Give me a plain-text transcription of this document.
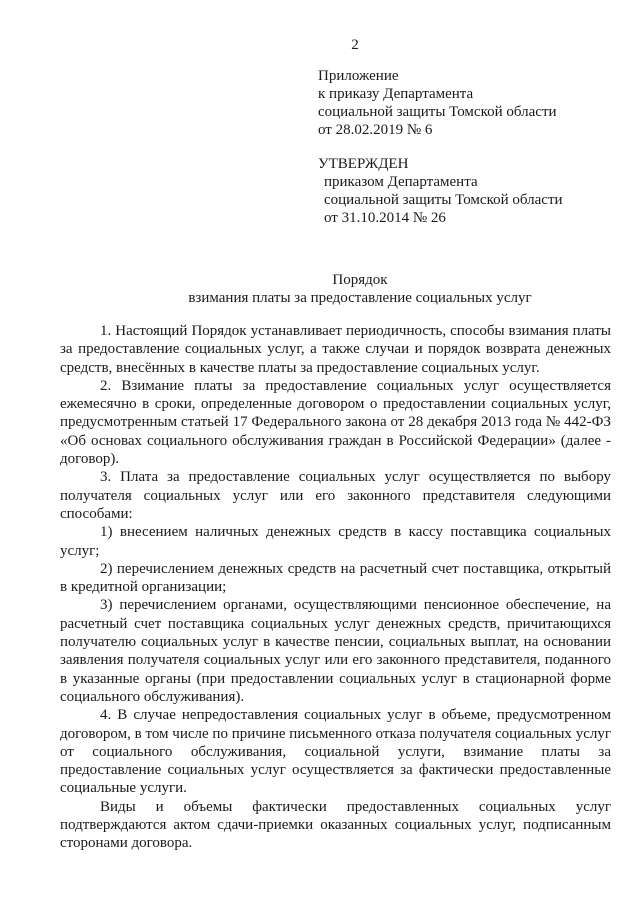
2
Приложение
к приказу Департамента
социальной защиты Томской области
от 28.02.2019 № 6
УТВЕРЖДЕН
приказом Департамента
социальной защиты Томской области
от 31.10.2014 № 26
Порядок
взимания платы за предоставление социальных услуг

1. Настоящий Порядок устанавливает периодичность, способы взимания платы за предоставление социальных услуг, а также случаи и порядок возврата денежных средств, внесённых в качестве платы за предоставление социальных услуг.

2. Взимание платы за предоставление социальных услуг осуществляется ежемесячно в сроки, определенные договором о предоставлении социальных услуг, предусмотренным статьей 17 Федерального закона от 28 декабря 2013 года № 442-ФЗ «Об основах социального обслуживания граждан в Российской Федерации» (далее - договор).

3. Плата за предоставление социальных услуг осуществляется по выбору получателя социальных услуг или его законного представителя следующими способами:

1) внесением наличных денежных средств в кассу поставщика социальных услуг;

2) перечислением денежных средств на расчетный счет поставщика, открытый в кредитной организации;

3) перечислением органами, осуществляющими пенсионное обеспечение, на расчетный счет поставщика социальных услуг денежных средств, причитающихся получателю социальных услуг в качестве пенсии, социальных выплат, на основании заявления получателя социальных услуг или его законного представителя, поданного в указанные органы (при предоставлении социальных услуг в стационарной форме социального обслуживания).

4. В случае непредоставления социальных услуг в объеме, предусмотренном договором, в том числе по причине письменного отказа получателя социальных услуг от социального обслуживания, социальной услуги, взимание платы за предоставление социальных услуг осуществляется за фактически предоставленные социальные услуги.

Виды и объемы фактически предоставленных социальных услуг подтверждаются актом сдачи-приемки оказанных социальных услуг, подписанным сторонами договора.
